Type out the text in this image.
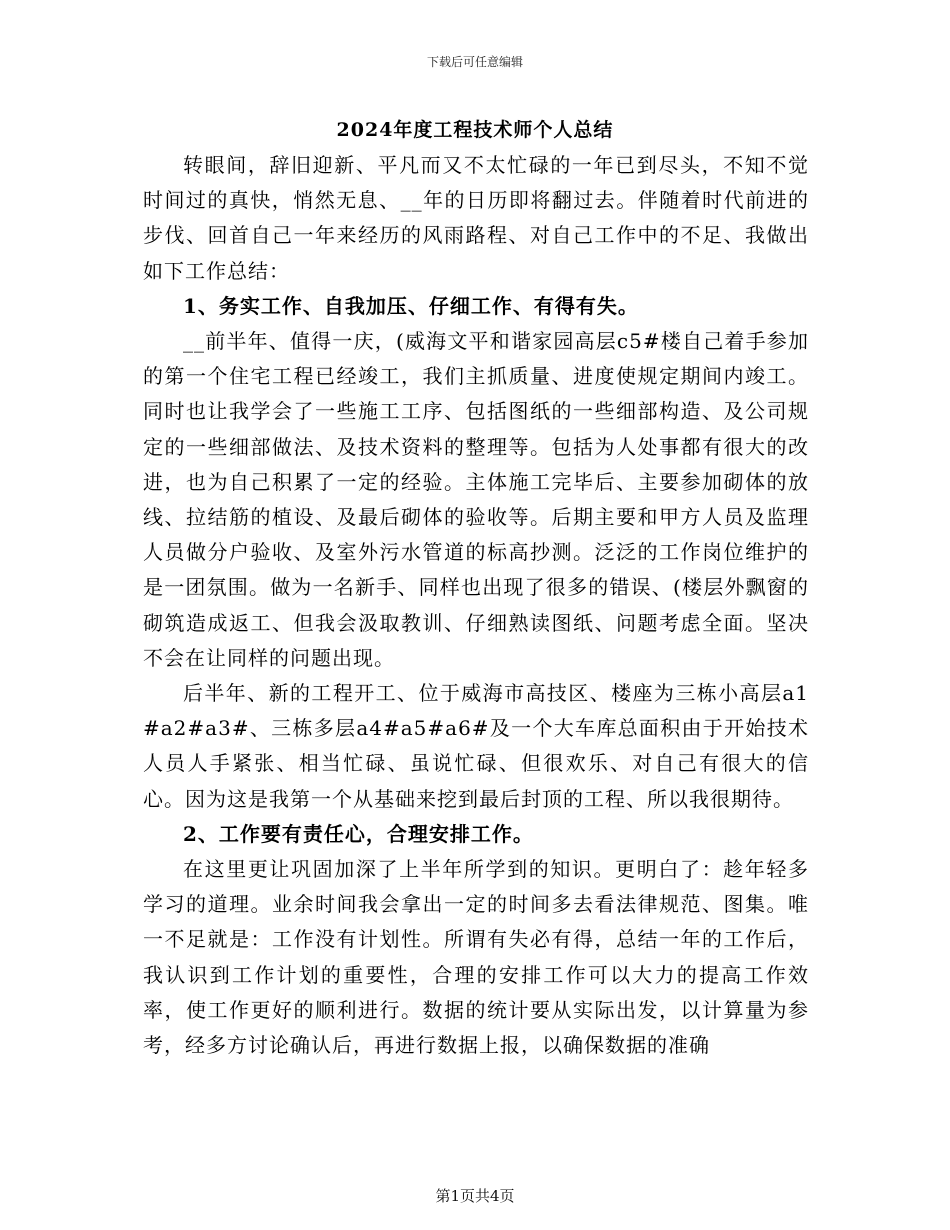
下载后可任意编辑
2024年度工程技术师个人总结

转眼间，辞旧迎新、平凡而又不太忙碌的一年已到尽头，不知不觉时间过的真快，悄然无息、__年的日历即将翻过去。伴随着时代前进的步伐、回首自己一年来经历的风雨路程、对自己工作中的不足、我做出如下工作总结：

1、务实工作、自我加压、仔细工作、有得有失。

__前半年、值得一庆，(威海文平和谐家园高层c5#楼自己着手参加的第一个住宅工程已经竣工，我们主抓质量、进度使规定期间内竣工。同时也让我学会了一些施工工序、包括图纸的一些细部构造、及公司规定的一些细部做法、及技术资料的整理等。包括为人处事都有很大的改进，也为自己积累了一定的经验。主体施工完毕后、主要参加砌体的放线、拉结筋的植设、及最后砌体的验收等。后期主要和甲方人员及监理人员做分户验收、及室外污水管道的标高抄测。泛泛的工作岗位维护的是一团氛围。做为一名新手、同样也出现了很多的错误、(楼层外飘窗的砌筑造成返工、但我会汲取教训、仔细熟读图纸、问题考虑全面。坚决不会在让同样的问题出现。

后半年、新的工程开工、位于威海市高技区、楼座为三栋小高层a1#a2#a3#、三栋多层a4#a5#a6#及一个大车库总面积由于开始技术人员人手紧张、相当忙碌、虽说忙碌、但很欢乐、对自己有很大的信心。因为这是我第一个从基础来挖到最后封顶的工程、所以我很期待。

2、工作要有责任心，合理安排工作。

在这里更让巩固加深了上半年所学到的知识。更明白了：趁年轻多学习的道理。业余时间我会拿出一定的时间多去看法律规范、图集。唯一不足就是：工作没有计划性。所谓有失必有得，总结一年的工作后，我认识到工作计划的重要性，合理的安排工作可以大力的提高工作效率，使工作更好的顺利进行。数据的统计要从实际出发，以计算量为参考，经多方讨论确认后，再进行数据上报，以确保数据的准确

第1页共4页
